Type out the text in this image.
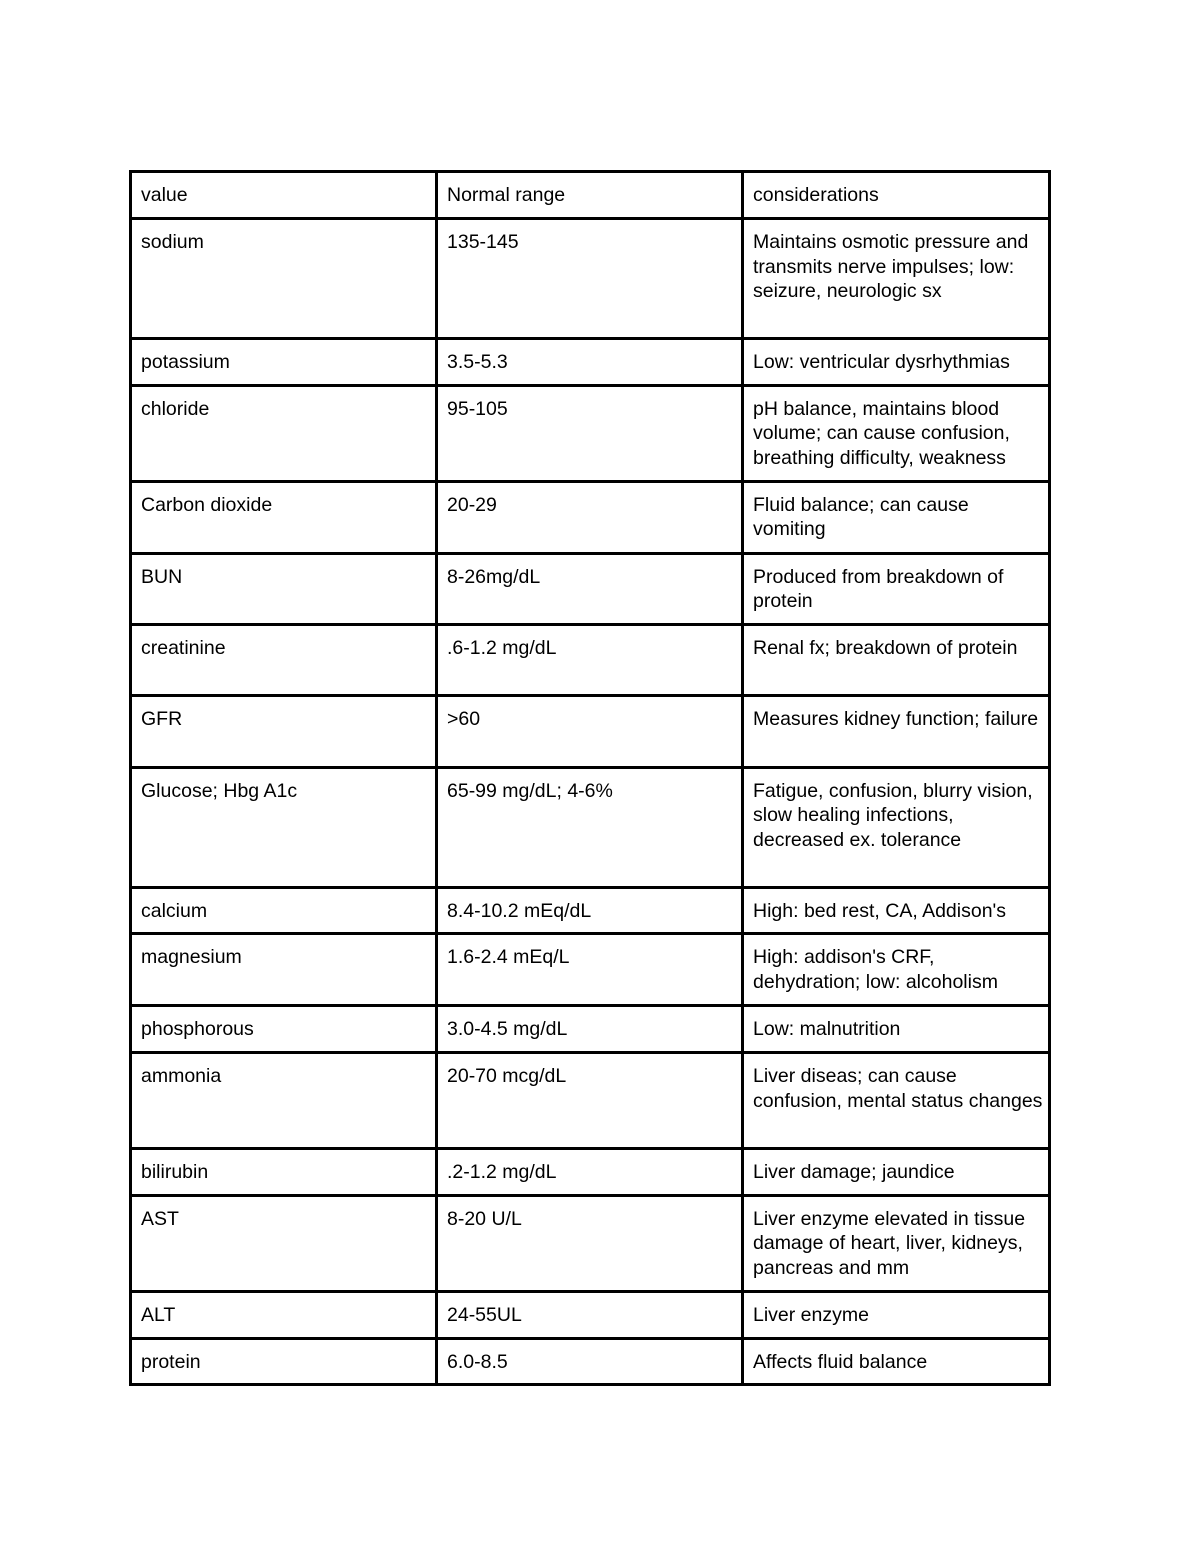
value	Normal range	considerations
sodium	135-145	Maintains osmotic pressure and transmits nerve impulses; low: seizure, neurologic sx
potassium	3.5-5.3	Low: ventricular dysrhythmias
chloride	95-105	pH balance, maintains blood volume; can cause confusion, breathing difficulty, weakness
Carbon dioxide	20-29	Fluid balance; can cause vomiting
BUN	8-26mg/dL	Produced from breakdown of protein
creatinine	.6-1.2 mg/dL	Renal fx; breakdown of protein
GFR	>60	Measures kidney function; failure
Glucose; Hbg A1c	65-99 mg/dL; 4-6%	Fatigue, confusion, blurry vision, slow healing infections, decreased ex. tolerance
calcium	8.4-10.2 mEq/dL	High: bed rest, CA, Addison's
magnesium	1.6-2.4 mEq/L	High: addison's CRF, dehydration; low: alcoholism
phosphorous	3.0-4.5 mg/dL	Low: malnutrition
ammonia	20-70 mcg/dL	Liver diseas; can cause confusion, mental status changes
bilirubin	.2-1.2 mg/dL	Liver damage; jaundice
AST	8-20 U/L	Liver enzyme elevated in tissue damage of heart, liver, kidneys, pancreas and mm
ALT	24-55UL	Liver enzyme
protein	6.0-8.5	Affects fluid balance
